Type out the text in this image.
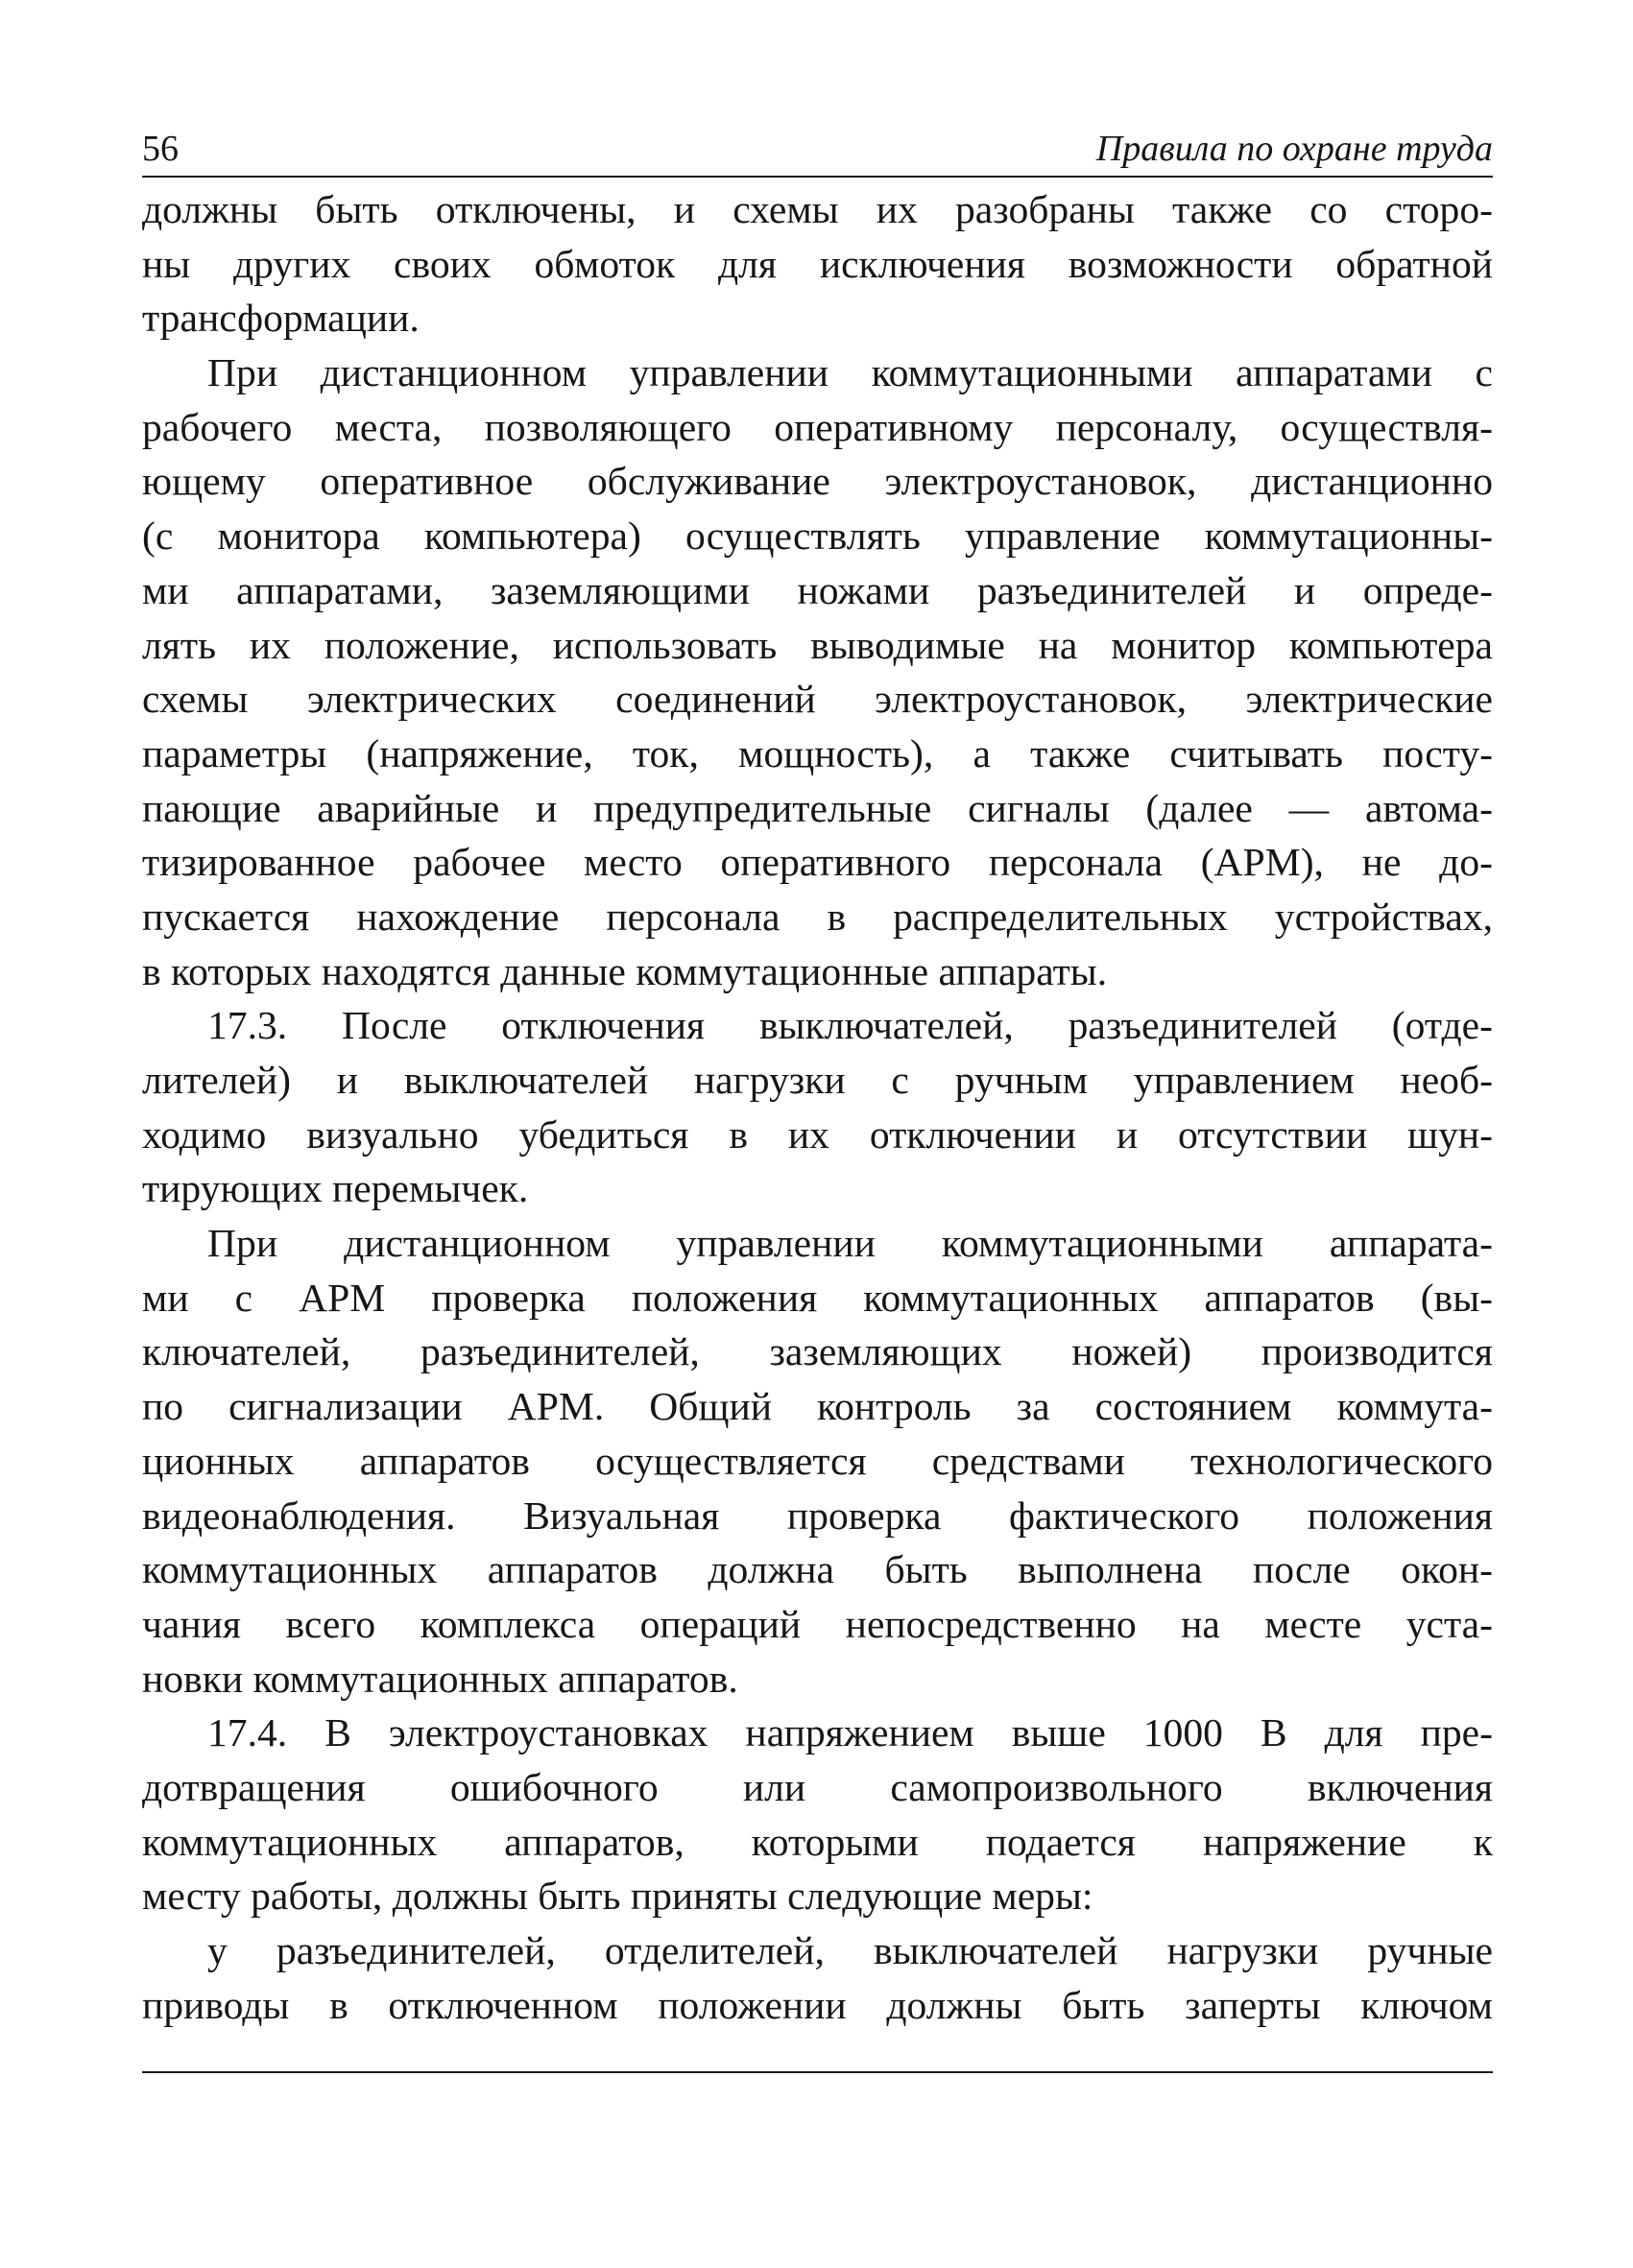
56	Правила по охране труда
должны быть отключены, и схемы их разобраны также со сторо-
ны других своих обмоток для исключения возможности обратной
трансформации.
При дистанционном управлении коммутационными аппаратами с
рабочего места, позволяющего оперативному персоналу, осуществля-
ющему оперативное обслуживание электроустановок, дистанционно
(с монитора компьютера) осуществлять управление коммутационны-
ми аппаратами, заземляющими ножами разъединителей и опреде-
лять их положение, использовать выводимые на монитор компьютера
схемы электрических соединений электроустановок, электрические
параметры (напряжение, ток, мощность), а также считывать посту-
пающие аварийные и предупредительные сигналы (далее — автома-
тизированное рабочее место оперативного персонала (АРМ), не до-
пускается нахождение персонала в распределительных устройствах,
в которых находятся данные коммутационные аппараты.
17.3. После отключения выключателей, разъединителей (отде-
лителей) и выключателей нагрузки с ручным управлением необ-
ходимо визуально убедиться в их отключении и отсутствии шун-
тирующих перемычек.
При дистанционном управлении коммутационными аппарата-
ми с АРМ проверка положения коммутационных аппаратов (вы-
ключателей, разъединителей, заземляющих ножей) производится
по сигнализации АРМ. Общий контроль за состоянием коммута-
ционных аппаратов осуществляется средствами технологического
видеонаблюдения. Визуальная проверка фактического положения
коммутационных аппаратов должна быть выполнена после окон-
чания всего комплекса операций непосредственно на месте уста-
новки коммутационных аппаратов.
17.4. В электроустановках напряжением выше 1000 В для пре-
дотвращения ошибочного или самопроизвольного включения
коммутационных аппаратов, которыми подается напряжение к
месту работы, должны быть приняты следующие меры:
у разъединителей, отделителей, выключателей нагрузки ручные
приводы в отключенном положении должны быть заперты ключом
